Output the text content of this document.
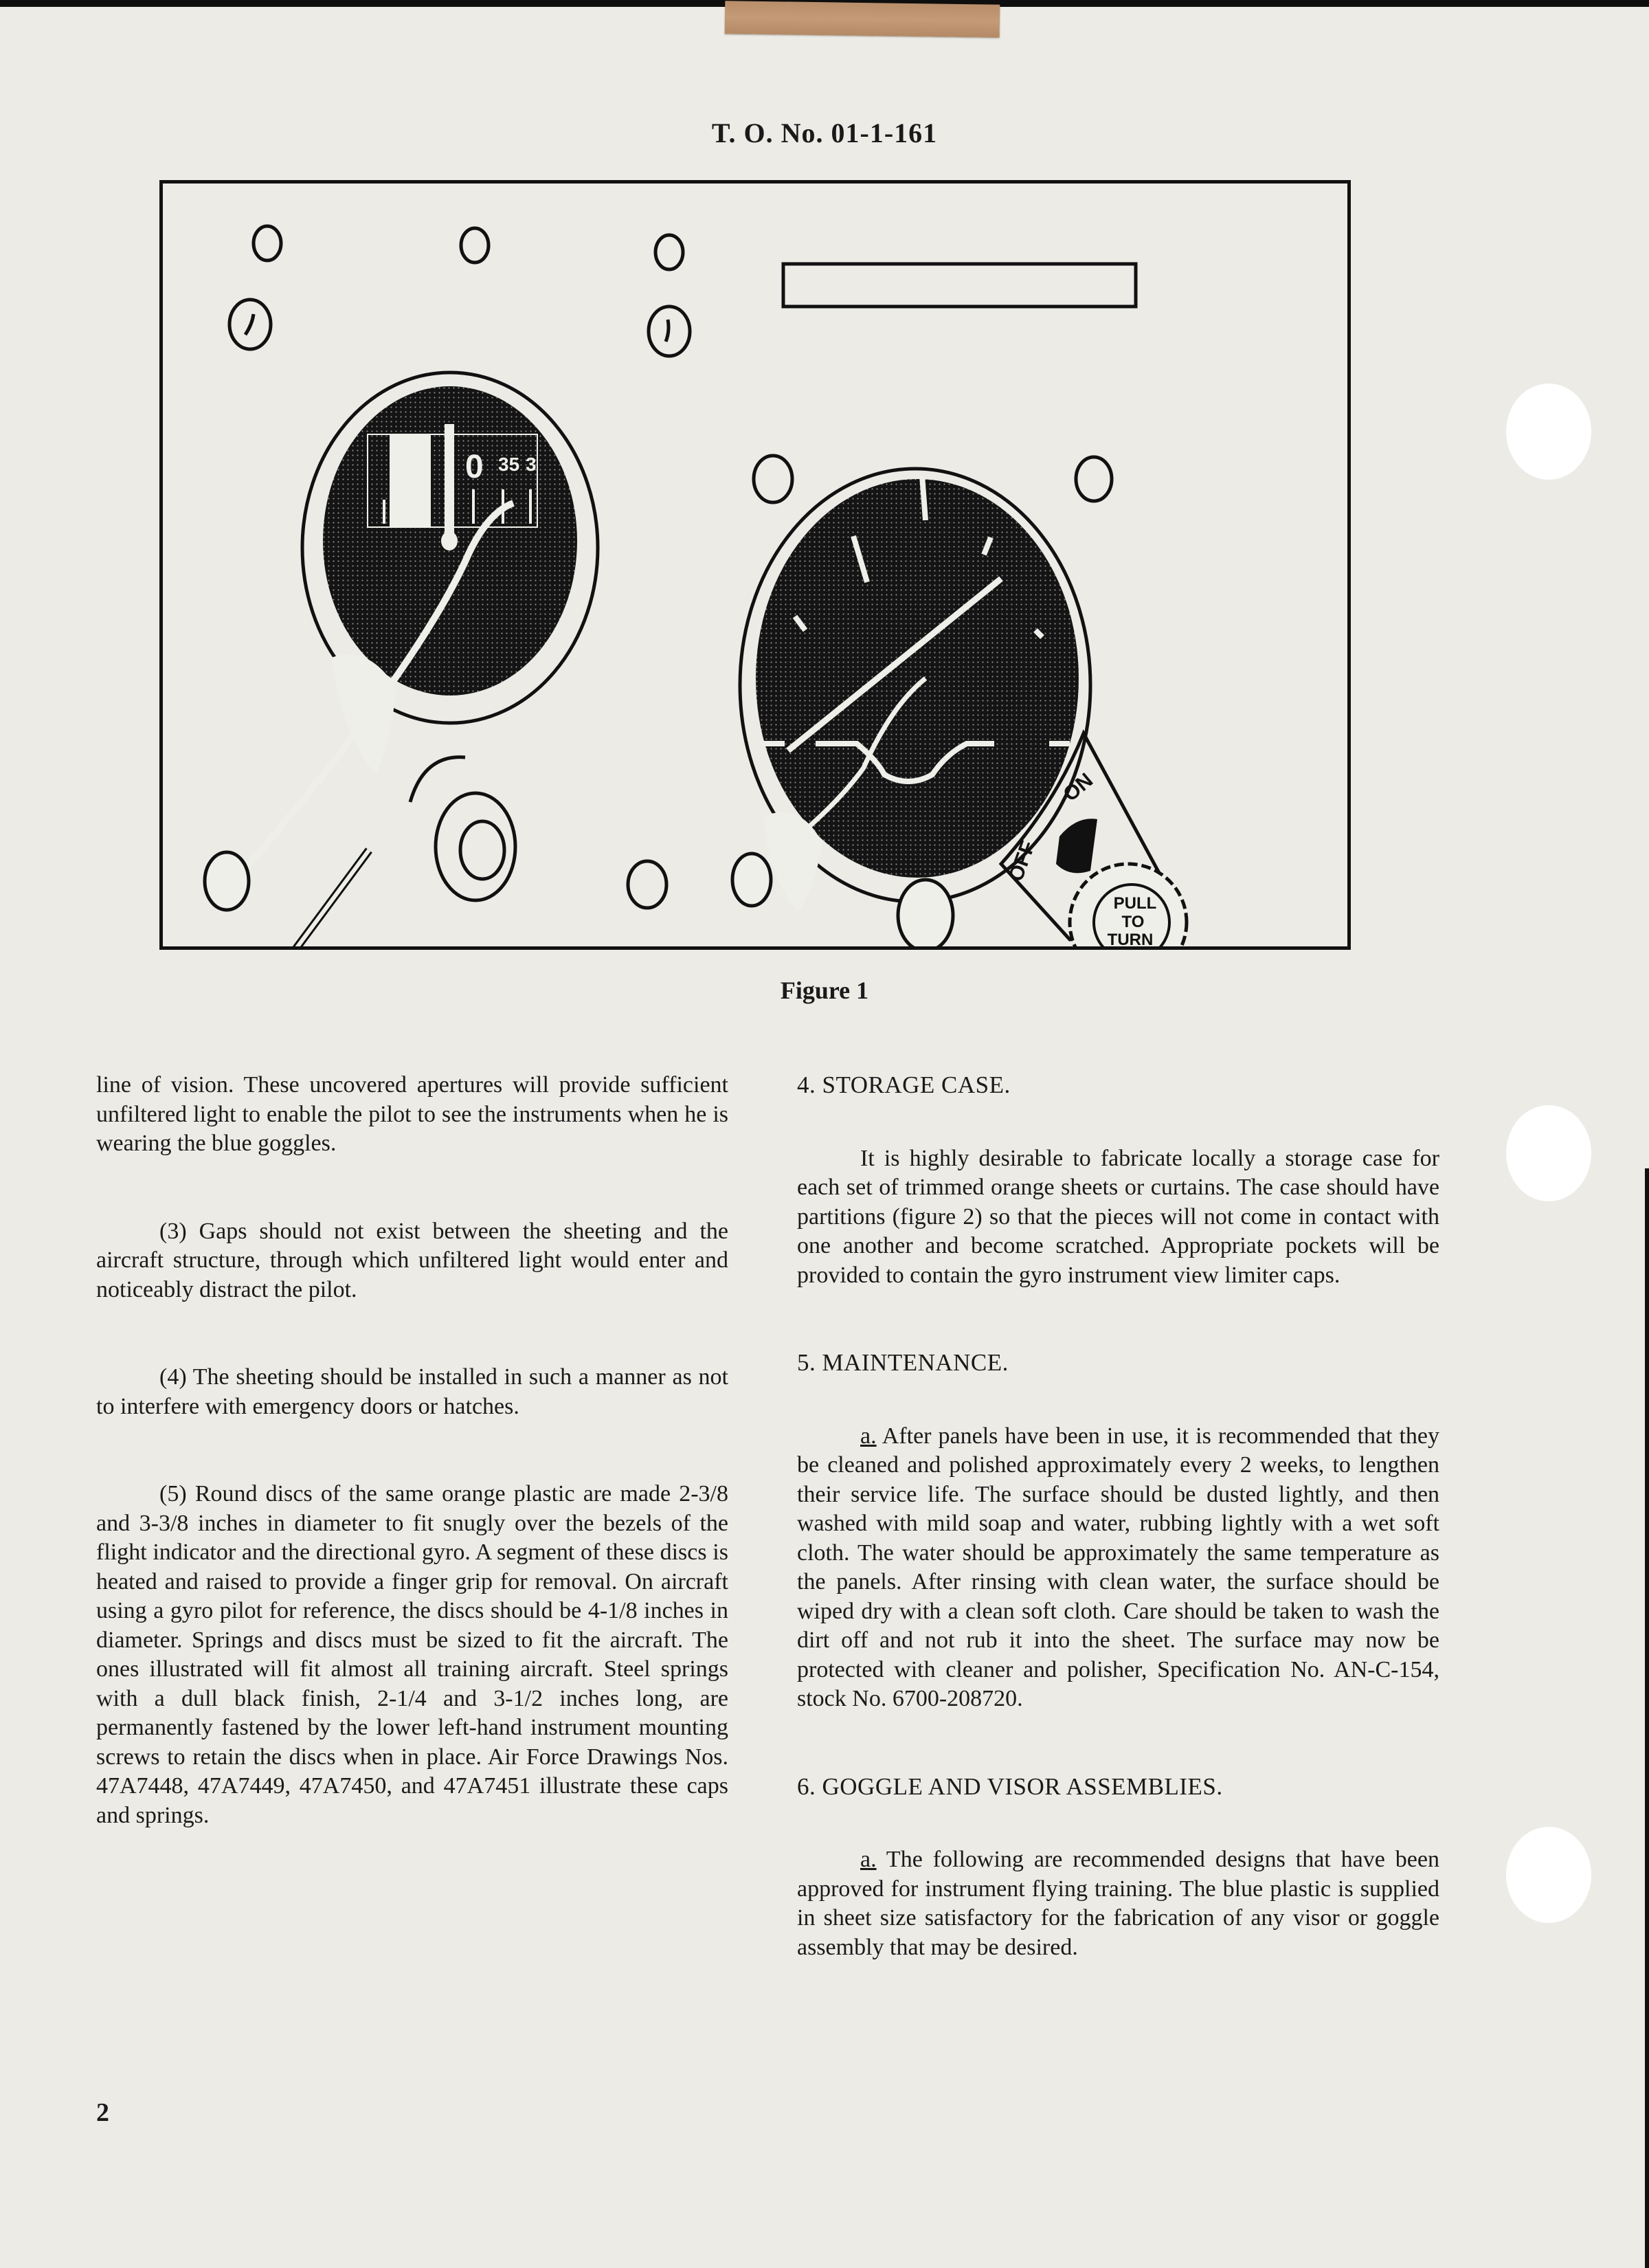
T. O. No. 01-1-161
0 35 3
ON
OFF
PULL
TO
TURN
Figure 1

line of vision. These uncovered apertures will provide sufficient unfiltered light to enable the pilot to see the instruments when he is wearing the blue goggles.

(3) Gaps should not exist between the sheeting and the aircraft structure, through which unfiltered light would enter and noticeably distract the pilot.

(4) The sheeting should be installed in such a manner as not to interfere with emergency doors or hatches.

(5) Round discs of the same orange plastic are made 2-3/8 and 3-3/8 inches in diameter to fit snugly over the bezels of the flight indicator and the directional gyro. A segment of these discs is heated and raised to provide a finger grip for removal. On aircraft using a gyro pilot for reference, the discs should be 4-1/8 inches in diameter. Springs and discs must be sized to fit the aircraft. The ones illustrated will fit almost all training aircraft. Steel springs with a dull black finish, 2-1/4 and 3-1/2 inches long, are permanently fastened by the lower left-hand instrument mounting screws to retain the discs when in place. Air Force Drawings Nos. 47A7448, 47A7449, 47A7450, and 47A7451 illustrate these caps and springs.

4. STORAGE CASE.

It is highly desirable to fabricate locally a storage case for each set of trimmed orange sheets or curtains. The case should have partitions (figure 2) so that the pieces will not come in contact with one another and become scratched. Appropriate pockets will be provided to contain the gyro instrument view limiter caps.

5. MAINTENANCE.

a. After panels have been in use, it is recommended that they be cleaned and polished approximately every 2 weeks, to lengthen their service life. The surface should be dusted lightly, and then washed with mild soap and water, rubbing lightly with a wet soft cloth. The water should be approximately the same temperature as the panels. After rinsing with clean water, the surface should be wiped dry with a clean soft cloth. Care should be taken to wash the dirt off and not rub it into the sheet. The surface may now be protected with cleaner and polisher, Specification No. AN-C-154, stock No. 6700-208720.

6. GOGGLE AND VISOR ASSEMBLIES.

a. The following are recommended designs that have been approved for instrument flying training. The blue plastic is supplied in sheet size satisfactory for the fabrication of any visor or goggle assembly that may be desired.

2
